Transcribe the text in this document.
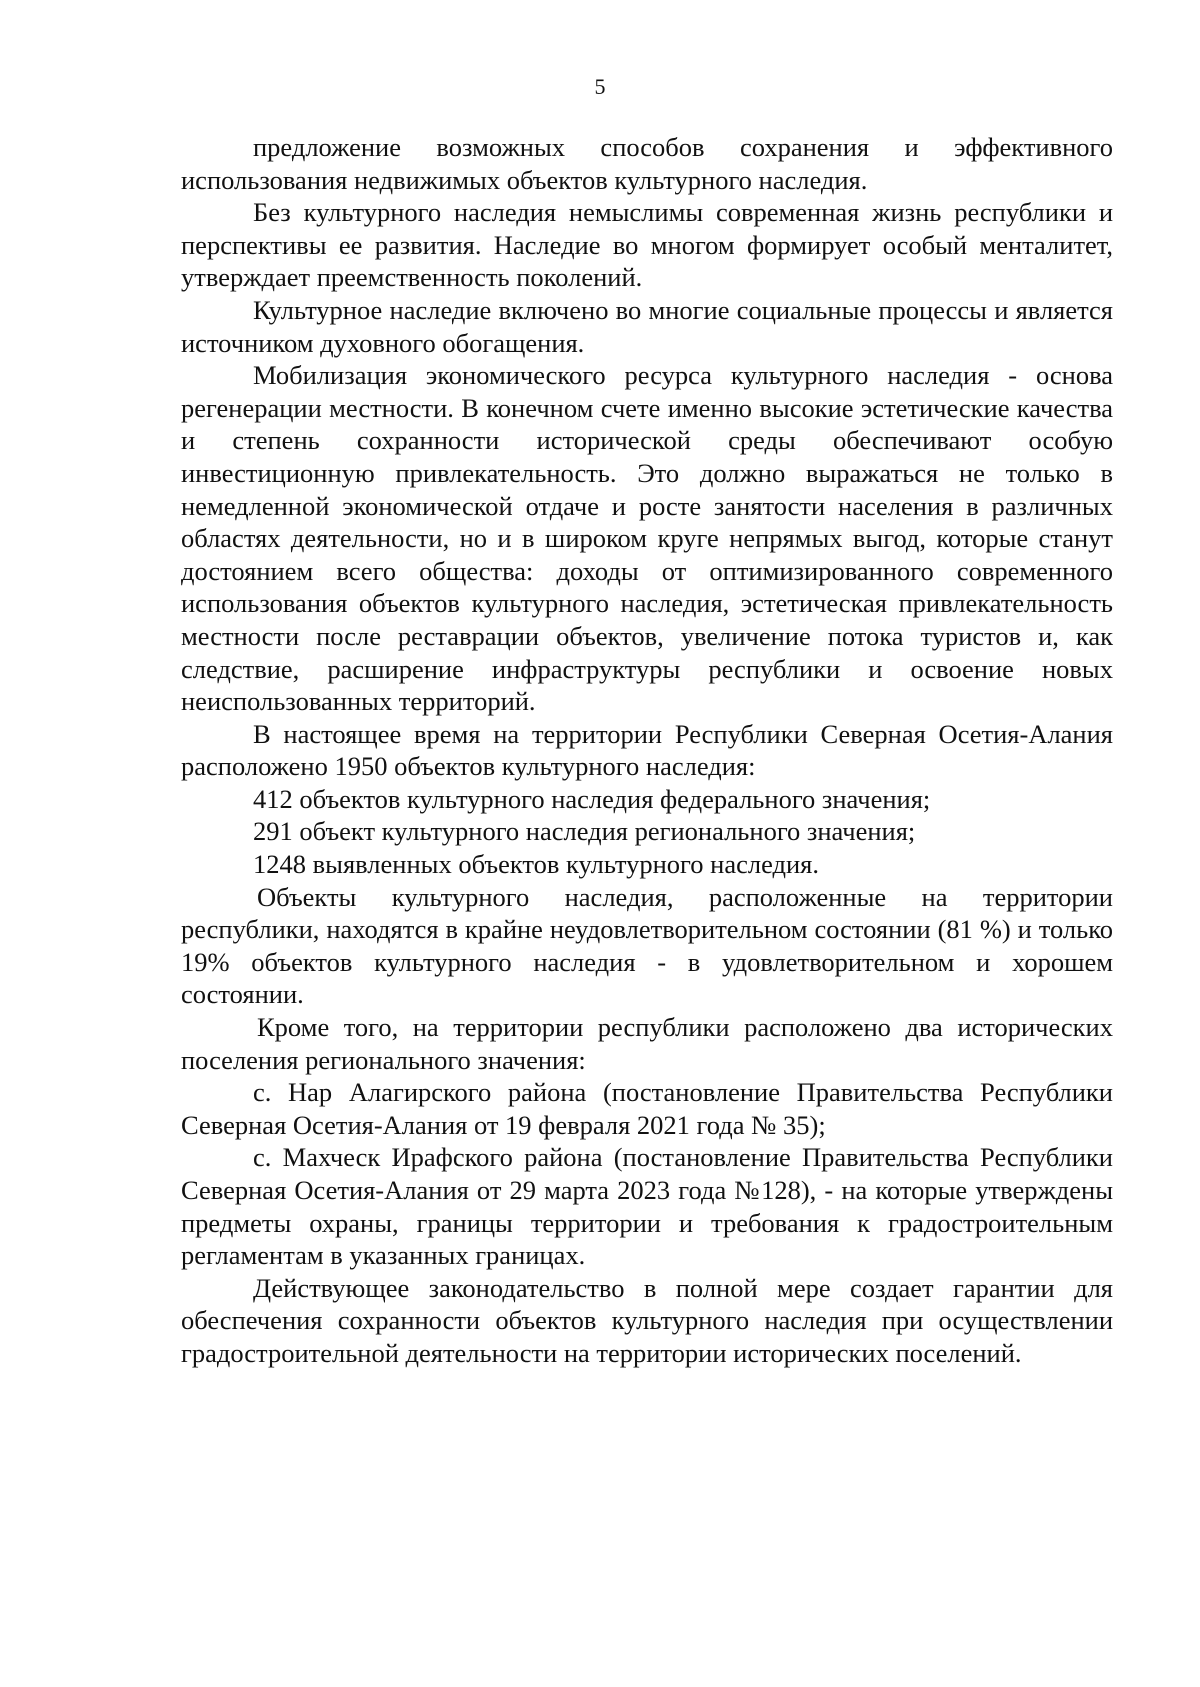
5

предложение возможных способов сохранения и эффективного использования недвижимых объектов культурного наследия.

Без культурного наследия немыслимы современная жизнь республики и перспективы ее развития. Наследие во многом формирует особый менталитет, утверждает преемственность поколений.

Культурное наследие включено во многие социальные процессы и является источником духовного обогащения.

Мобилизация экономического ресурса культурного наследия - основа регенерации местности. В конечном счете именно высокие эстетические качества и степень сохранности исторической среды обеспечивают особую инвестиционную привлекательность. Это должно выражаться не только в немедленной экономической отдаче и росте занятости населения в различных областях деятельности, но и в широком круге непрямых выгод, которые станут достоянием всего общества: доходы от оптимизированного современного использования объектов культурного наследия, эстетическая привлекательность местности после реставрации объектов, увеличение потока туристов и, как следствие, расширение инфраструктуры республики и освоение новых неиспользованных территорий.

В настоящее время на территории Республики Северная Осетия-Алания расположено 1950 объектов культурного наследия:

412 объектов культурного наследия федерального значения;

291 объект культурного наследия регионального значения;

1248 выявленных объектов культурного наследия.

Объекты культурного наследия, расположенные на территории республики, находятся в крайне неудовлетворительном состоянии (81 %) и только 19% объектов культурного наследия - в удовлетворительном и хорошем состоянии.

Кроме того, на территории республики расположено два исторических поселения регионального значения:

с. Нар Алагирского района (постановление Правительства Республики Северная Осетия-Алания от 19 февраля 2021 года № 35);

с. Махческ Ирафского района (постановление Правительства Республики Северная Осетия-Алания от 29 марта 2023 года №128), - на которые утверждены предметы охраны, границы территории и требования к градостроительным регламентам в указанных границах.

Действующее законодательство в полной мере создает гарантии для обеспечения сохранности объектов культурного наследия при осуществлении градостроительной деятельности на территории исторических поселений.
